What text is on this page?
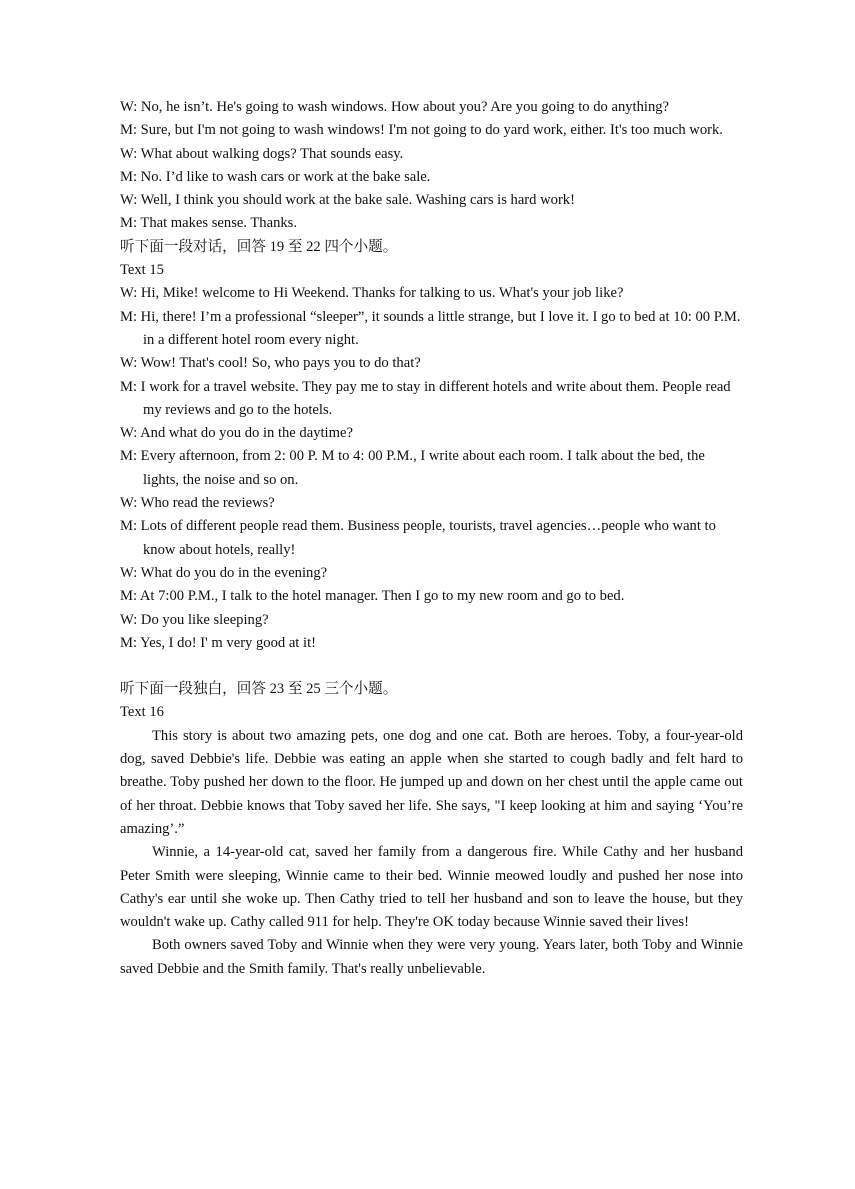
W: No, he isn’t. He's going to wash windows. How about you? Are you going to do anything?
M: Sure, but I'm not going to wash windows! I'm not going to do yard work, either. It's too much work.
W: What about walking dogs? That sounds easy.
M: No. I’d like to wash cars or work at the bake sale.
W: Well, I think you should work at the bake sale. Washing cars is hard work!
M: That makes sense. Thanks.
听下面一段对话，回答 19 至 22 四个小题。
Text 15
W: Hi, Mike! welcome to Hi Weekend. Thanks for talking to us. What's your job like?
M: Hi, there! I’m a professional “sleeper”, it sounds a little strange, but I love it. I go to bed at 10: 00 P.M. in a different hotel room every night.
W: Wow! That's cool! So, who pays you to do that?
M: I work for a travel website. They pay me to stay in different hotels and write about them. People read my reviews and go to the hotels.
W: And what do you do in the daytime?
M: Every afternoon, from 2: 00 P. M to 4: 00 P.M., I write about each room. I talk about the bed, the lights, the noise and so on.
W: Who read the reviews?
M: Lots of different people read them. Business people, tourists, travel agencies…people who want to know about hotels, really!
W: What do you do in the evening?
M: At 7:00 P.M., I talk to the hotel manager. Then I go to my new room and go to bed.
W: Do you like sleeping?
M: Yes, I do! I' m very good at it!
听下面一段独白，回答 23 至 25 三个小题。
Text 16
This story is about two amazing pets, one dog and one cat. Both are heroes. Toby, a four-year-old dog, saved Debbie's life. Debbie was eating an apple when she started to cough badly and felt hard to breathe. Toby pushed her down to the floor. He jumped up and down on her chest until the apple came out of her throat. Debbie knows that Toby saved her life. She says, "I keep looking at him and saying ‘You’re amazing’.”
Winnie, a 14-year-old cat, saved her family from a dangerous fire. While Cathy and her husband Peter Smith were sleeping, Winnie came to their bed. Winnie meowed loudly and pushed her nose into Cathy's ear until she woke up. Then Cathy tried to tell her husband and son to leave the house, but they wouldn't wake up. Cathy called 911 for help. They're OK today because Winnie saved their lives!
Both owners saved Toby and Winnie when they were very young. Years later, both Toby and Winnie saved Debbie and the Smith family. That's really unbelievable.
